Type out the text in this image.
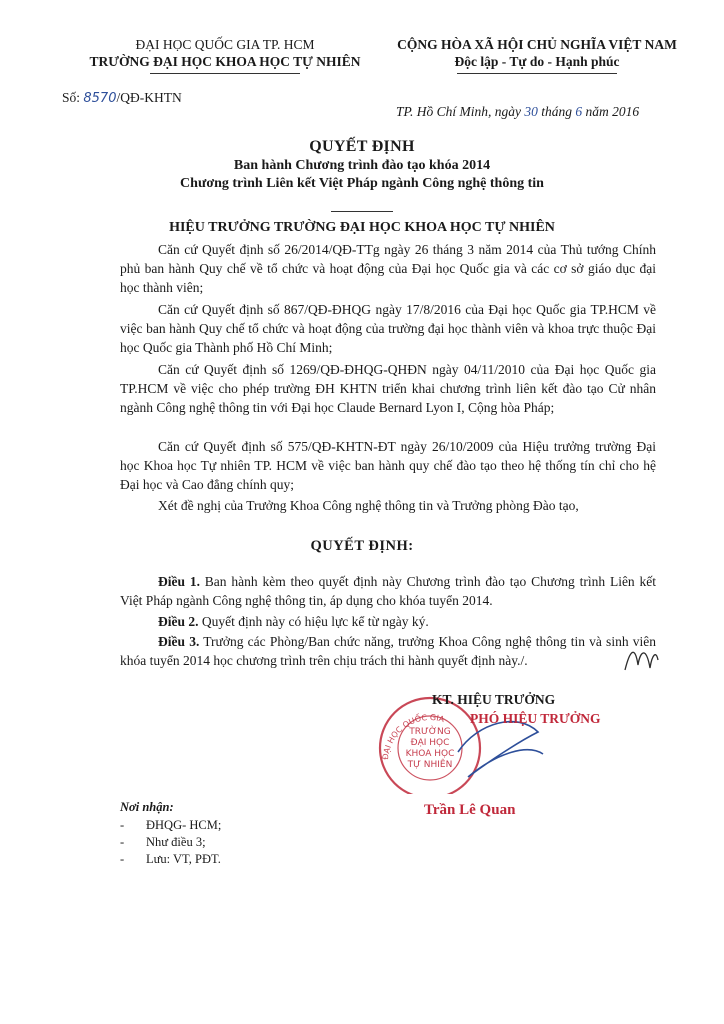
ĐẠI HỌC QUỐC GIA TP. HCM
TRƯỜNG ĐẠI HỌC KHOA HỌC TỰ NHIÊN
CỘNG HÒA XÃ HỘI CHỦ NGHĨA VIỆT NAM
Độc lập - Tự do - Hạnh phúc
Số: 8570/QĐ-KHTN
TP. Hồ Chí Minh, ngày 30 tháng 6 năm 2016
QUYẾT ĐỊNH
Ban hành Chương trình đào tạo khóa 2014
Chương trình Liên kết Việt Pháp ngành Công nghệ thông tin
HIỆU TRƯỞNG TRƯỜNG ĐẠI HỌC KHOA HỌC TỰ NHIÊN
Căn cứ Quyết định số 26/2014/QĐ-TTg ngày 26 tháng 3 năm 2014 của Thủ tướng Chính phủ ban hành Quy chế về tổ chức và hoạt động của Đại học Quốc gia và các cơ sở giáo dục đại học thành viên;
Căn cứ Quyết định số 867/QĐ-ĐHQG ngày 17/8/2016 của Đại học Quốc gia TP.HCM về việc ban hành Quy chế tổ chức và hoạt động của trường đại học thành viên và khoa trực thuộc Đại học Quốc gia Thành phố Hồ Chí Minh;
Căn cứ Quyết định số 1269/QĐ-ĐHQG-QHĐN ngày 04/11/2010 của Đại học Quốc gia TP.HCM về việc cho phép trường ĐH KHTN triển khai chương trình liên kết đào tạo Cử nhân ngành Công nghệ thông tin với Đại học Claude Bernard Lyon I, Cộng hòa Pháp;
Căn cứ Quyết định số 575/QĐ-KHTN-ĐT ngày 26/10/2009 của Hiệu trưởng trường Đại học Khoa học Tự nhiên TP. HCM về việc ban hành quy chế đào tạo theo hệ thống tín chỉ cho hệ Đại học và Cao đẳng chính quy;
Xét đề nghị của Trưởng Khoa Công nghệ thông tin và Trưởng phòng Đào tạo,
QUYẾT ĐỊNH:
Điều 1. Ban hành kèm theo quyết định này Chương trình đào tạo Chương trình Liên kết Việt Pháp ngành Công nghệ thông tin, áp dụng cho khóa tuyển 2014.
Điều 2. Quyết định này có hiệu lực kể từ ngày ký.
Điều 3. Trưởng các Phòng/Ban chức năng, trưởng Khoa Công nghệ thông tin và sinh viên khóa tuyển 2014 học chương trình trên chịu trách thi hành quyết định này./.
ĐẠI HỌC QUỐC GIA
TRƯỜNG
ĐẠI HỌC
KHOA HỌC
TỰ NHIÊN
KT. HIỆU TRƯỞNG
PHÓ HIỆU TRƯỞNG
Trần Lê Quan
Nơi nhận:
- ĐHQG- HCM;
- Như điều 3;
- Lưu: VT, PĐT.
